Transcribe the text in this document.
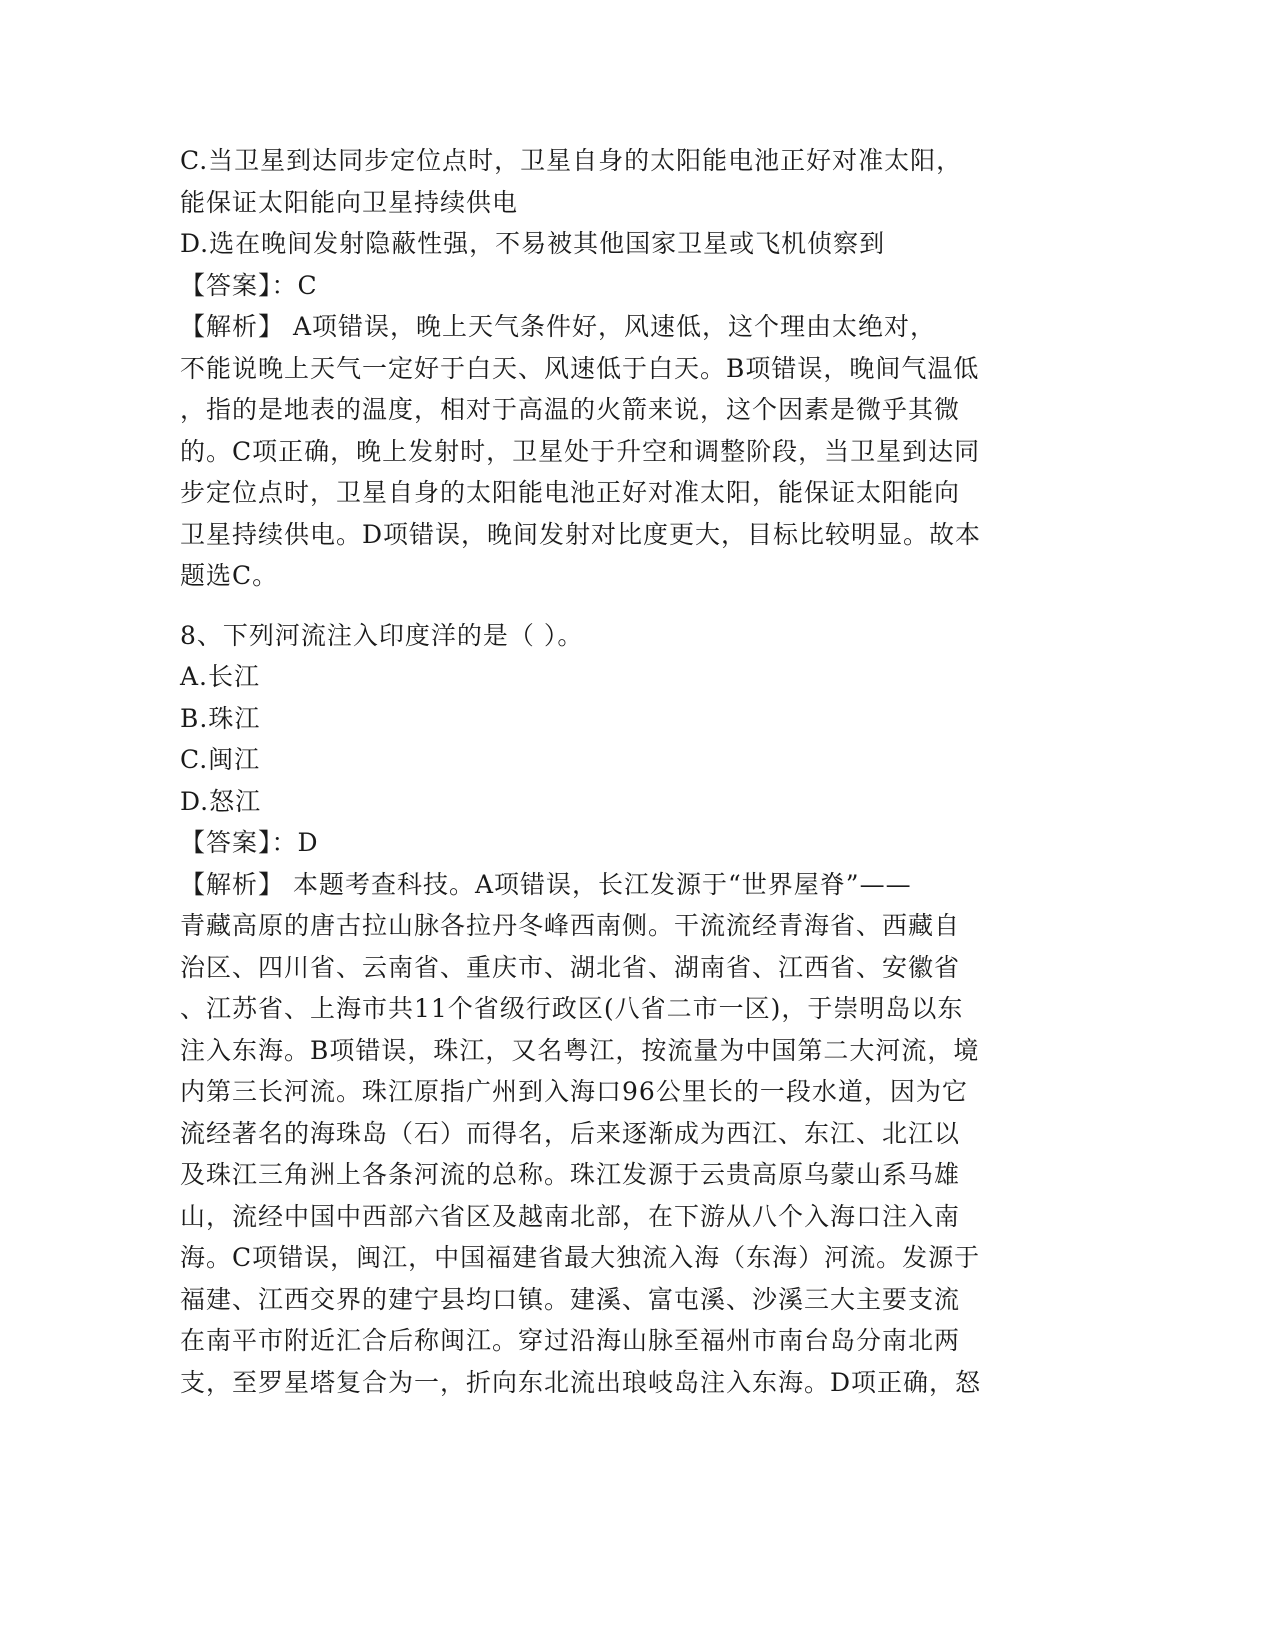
C.当卫星到达同步定位点时，卫星自身的太阳能电池正好对准太阳，
能保证太阳能向卫星持续供电
D.选在晚间发射隐蔽性强，不易被其他国家卫星或飞机侦察到
【答案】：C
【解析】 A项错误，晚上天气条件好，风速低，这个理由太绝对，
不能说晚上天气一定好于白天、风速低于白天。B项错误，晚间气温低
，指的是地表的温度，相对于高温的火箭来说，这个因素是微乎其微
的。C项正确，晚上发射时，卫星处于升空和调整阶段，当卫星到达同
步定位点时，卫星自身的太阳能电池正好对准太阳，能保证太阳能向
卫星持续供电。D项错误，晚间发射对比度更大，目标比较明显。故本
题选C。
8、下列河流注入印度洋的是（ ）。
A.长江
B.珠江
C.闽江
D.怒江
【答案】：D
【解析】 本题考查科技。A项错误，长江发源于“世界屋脊”——
青藏高原的唐古拉山脉各拉丹冬峰西南侧。干流流经青海省、西藏自
治区、四川省、云南省、重庆市、湖北省、湖南省、江西省、安徽省
、江苏省、上海市共11个省级行政区(八省二市一区)，于崇明岛以东
注入东海。B项错误，珠江，又名粤江，按流量为中国第二大河流，境
内第三长河流。珠江原指广州到入海口96公里长的一段水道，因为它
流经著名的海珠岛（石）而得名，后来逐渐成为西江、东江、北江以
及珠江三角洲上各条河流的总称。珠江发源于云贵高原乌蒙山系马雄
山，流经中国中西部六省区及越南北部，在下游从八个入海口注入南
海。C项错误，闽江，中国福建省最大独流入海（东海）河流。发源于
福建、江西交界的建宁县均口镇。建溪、富屯溪、沙溪三大主要支流
在南平市附近汇合后称闽江。穿过沿海山脉至福州市南台岛分南北两
支，至罗星塔复合为一，折向东北流出琅岐岛注入东海。D项正确，怒
